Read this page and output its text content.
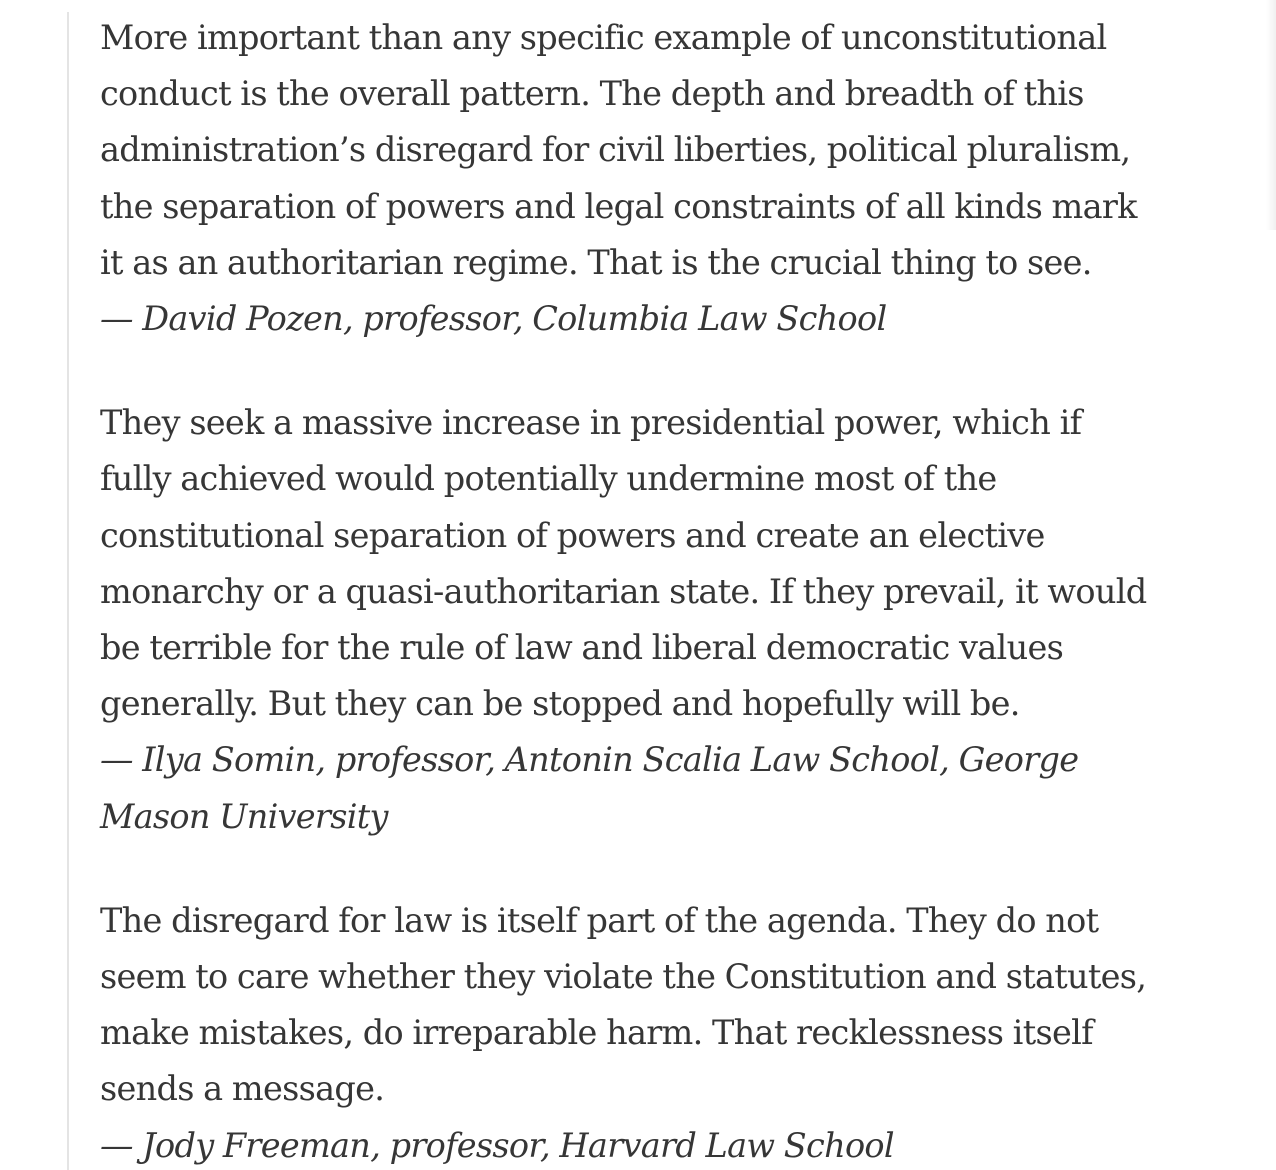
More important than any specific example of unconstitutional conduct is the overall pattern. The depth and breadth of this administration’s disregard for civil liberties, political pluralism, the separation of powers and legal constraints of all kinds mark it as an authoritarian regime. That is the crucial thing to see.

— David Pozen, professor, Columbia Law School

They seek a massive increase in presidential power, which if fully achieved would potentially undermine most of the constitutional separation of powers and create an elective monarchy or a quasi-authoritarian state. If they prevail, it would be terrible for the rule of law and liberal democratic values generally. But they can be stopped and hopefully will be.

— Ilya Somin, professor, Antonin Scalia Law School, George Mason University

The disregard for law is itself part of the agenda. They do not seem to care whether they violate the Constitution and statutes, make mistakes, do irreparable harm. That recklessness itself sends a message.

— Jody Freeman, professor, Harvard Law School
